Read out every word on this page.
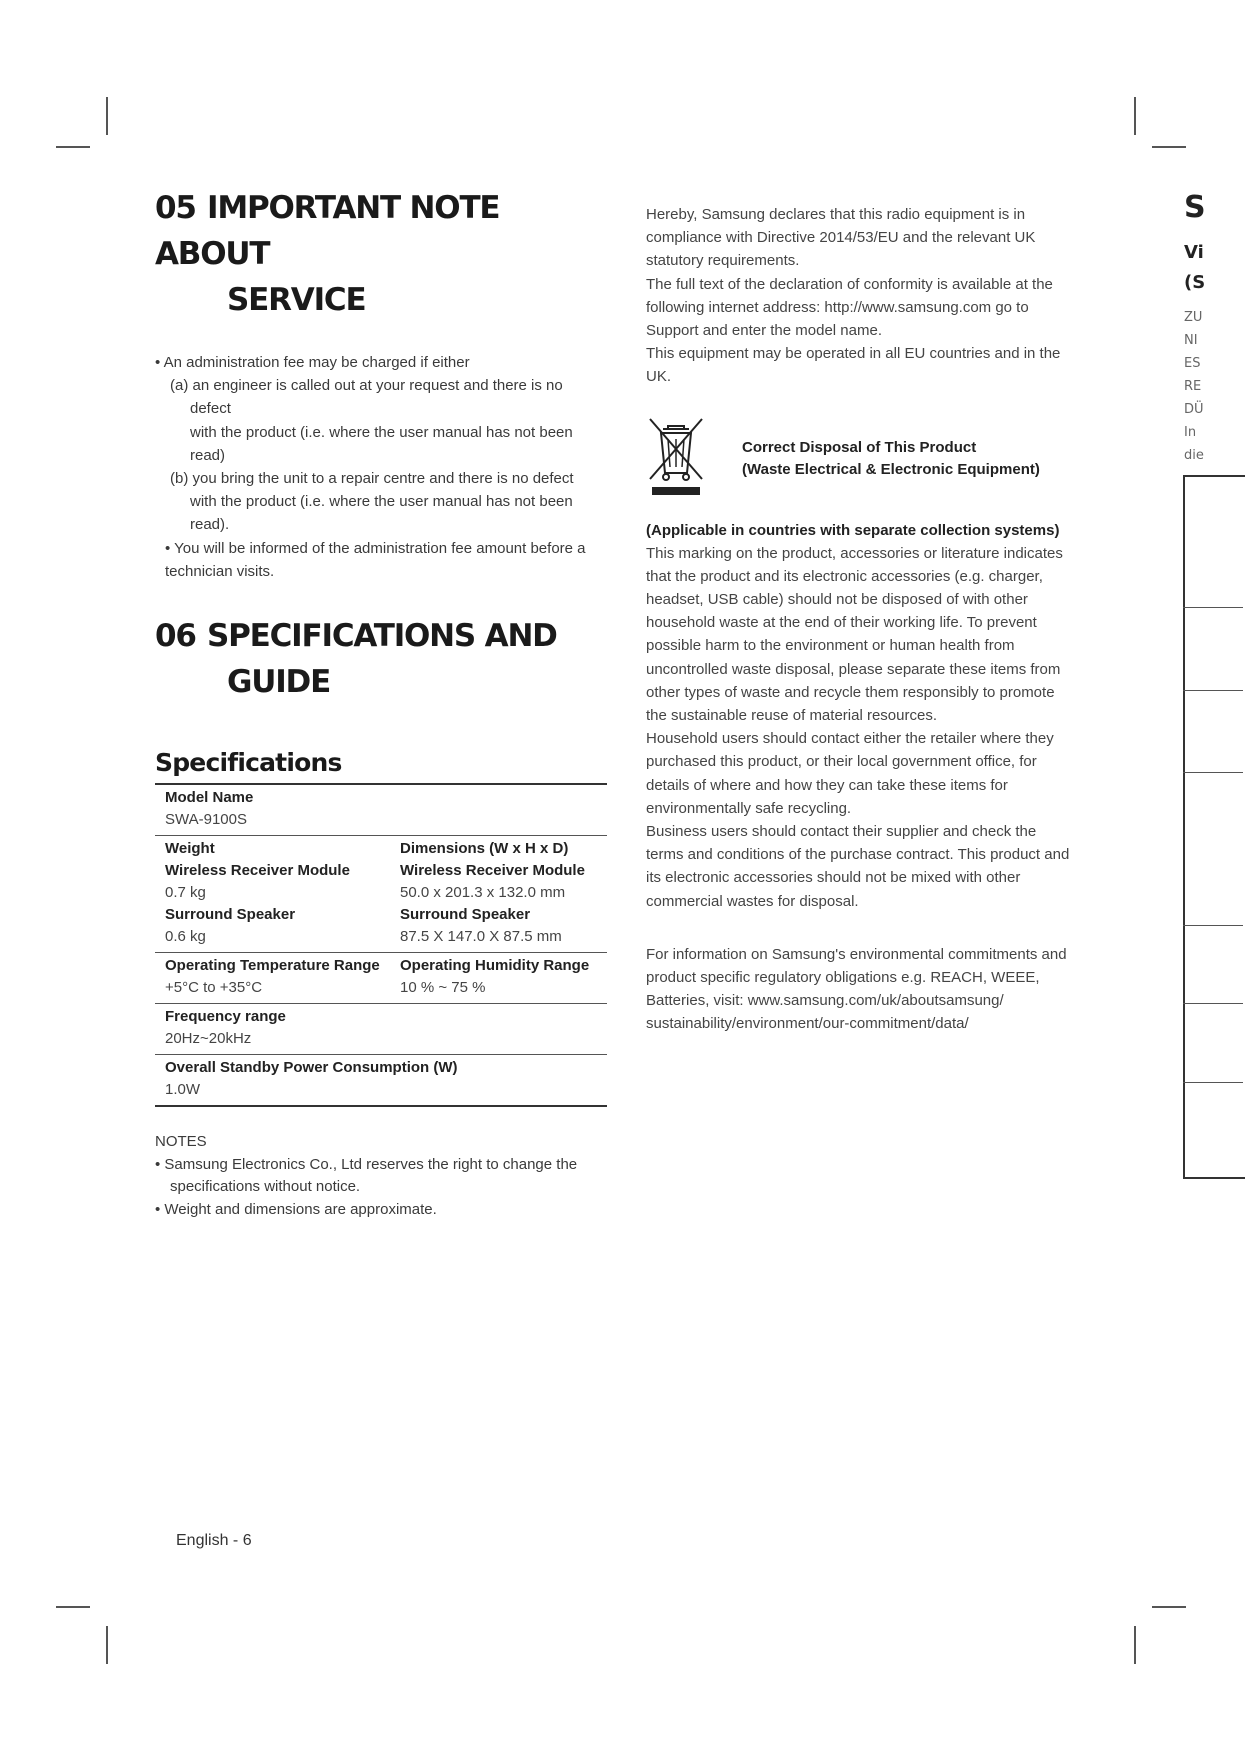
05 IMPORTANT NOTE ABOUT
SERVICE

• An administration fee may be charged if either

(a) an engineer is called out at your request and there is no defect

with the product (i.e. where the user manual has not been

read)

(b) you bring the unit to a repair centre and there is no defect

with the product (i.e. where the user manual has not been

read).

• You will be informed of the administration fee amount before a technician visits.

06 SPECIFICATIONS AND
GUIDE
Specifications
Model Name
SWA-9100S
Weight	Dimensions (W x H x D)
Wireless Receiver Module	Wireless Receiver Module
0.7 kg	50.0 x 201.3 x 132.0 mm
Surround Speaker	Surround Speaker
0.6 kg	87.5 X 147.0 X 87.5 mm
Operating Temperature Range	Operating Humidity Range
+5°C to +35°C	10 % ~ 75 %
Frequency range
20Hz~20kHz
Overall Standby Power Consumption (W)
1.0W

NOTES

• Samsung Electronics Co., Ltd reserves the right to change the specifications without notice.

• Weight and dimensions are approximate.

English - 6

Hereby, Samsung declares that this radio equipment is in compliance with Directive 2014/53/EU and the relevant UK statutory requirements.

The full text of the declaration of conformity is available at the following internet address: http://www.samsung.com go to Support and enter the model name.

This equipment may be operated in all EU countries and in the UK.

Correct Disposal of This Product
(Waste Electrical & Electronic Equipment)
(Applicable in countries with separate collection systems)

This marking on the product, accessories or literature indicates that the product and its electronic accessories (e.g. charger, headset, USB cable) should not be disposed of with other household waste at the end of their working life. To prevent possible harm to the environment or human health from uncontrolled waste disposal, please separate these items from other types of waste and recycle them responsibly to promote the sustainable reuse of material resources.

Household users should contact either the retailer where they purchased this product, or their local government office, for details of where and how they can take these items for environmentally safe recycling.

Business users should contact their supplier and check the terms and conditions of the purchase contract. This product and its electronic accessories should not be mixed with other commercial wastes for disposal.

For information on Samsung's environmental commitments and product specific regulatory obligations e.g. REACH, WEEE, Batteries, visit: www.samsung.com/uk/aboutsamsung/ sustainability/environment/our-commitment/data/

S
Vi
(S
ZU
NI
ES
RE
DÜ
In
die
